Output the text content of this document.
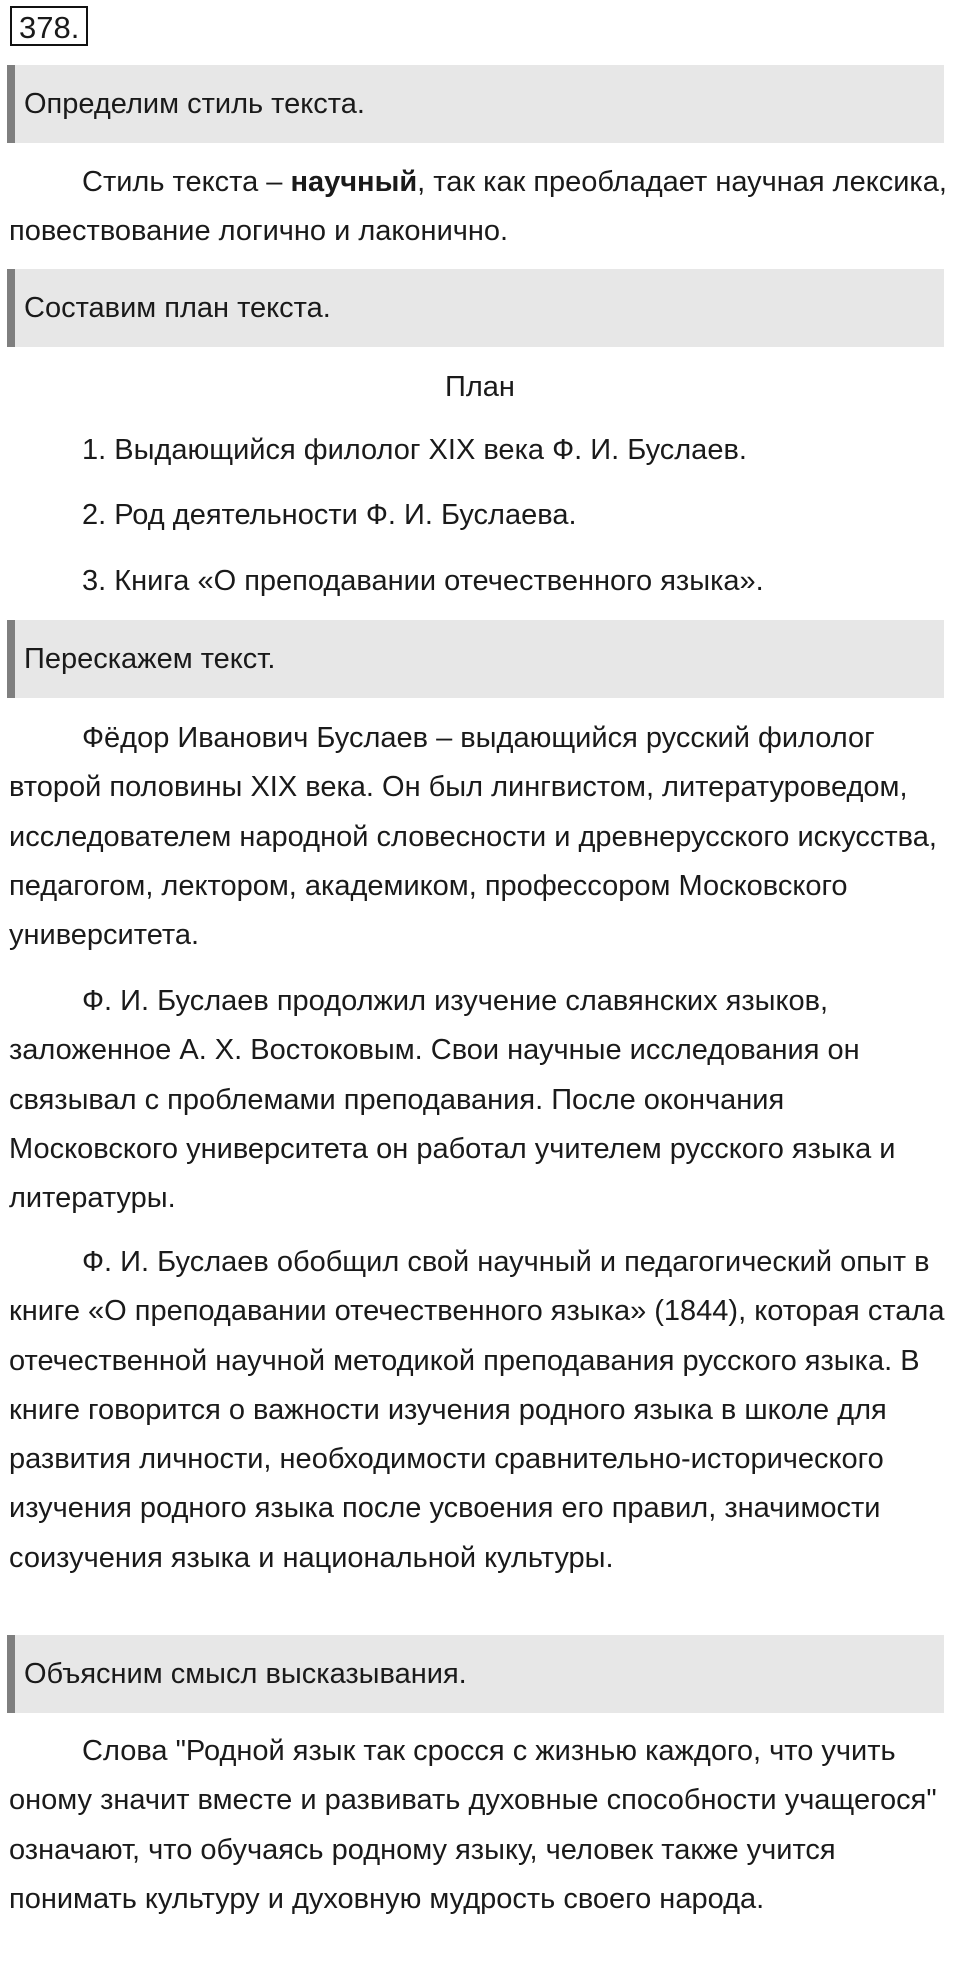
378.
Определим стиль текста.

Стиль текста – научный, так как преобладает научная лексика, повествование логично и лаконично.

Составим план текста.
План
1. Выдающийся филолог XIX века Ф. И. Буслаев.
2. Род деятельности Ф. И. Буслаева.
3. Книга «О преподавании отечественного языка».
Перескажем текст.

Фёдор Иванович Буслаев – выдающийся русский филолог второй половины XIX века. Он был лингвистом, литературоведом, исследователем народной словесности и древнерусского искусства, педагогом, лектором, академиком, профессором Московского университета.

Ф. И. Буслаев продолжил изучение славянских языков, заложенное А. Х. Востоковым. Свои научные исследования он связывал с проблемами преподавания. После окончания Московского университета он работал учителем русского языка и литературы.

Ф. И. Буслаев обобщил свой научный и педагогический опыт в книге «О преподавании отечественного языка» (1844), которая стала отечественной научной методикой преподавания русского языка. В книге говорится о важности изучения родного языка в школе для развития личности, необходимости сравнительно-исторического изучения родного языка после усвоения его правил, значимости соизучения языка и национальной культуры.

Объясним смысл высказывания.

Слова "Родной язык так сросся с жизнью каждого, что учить оному значит вместе и развивать духовные способности учащегося" означают, что обучаясь родному языку, человек также учится понимать культуру и духовную мудрость своего народа.
